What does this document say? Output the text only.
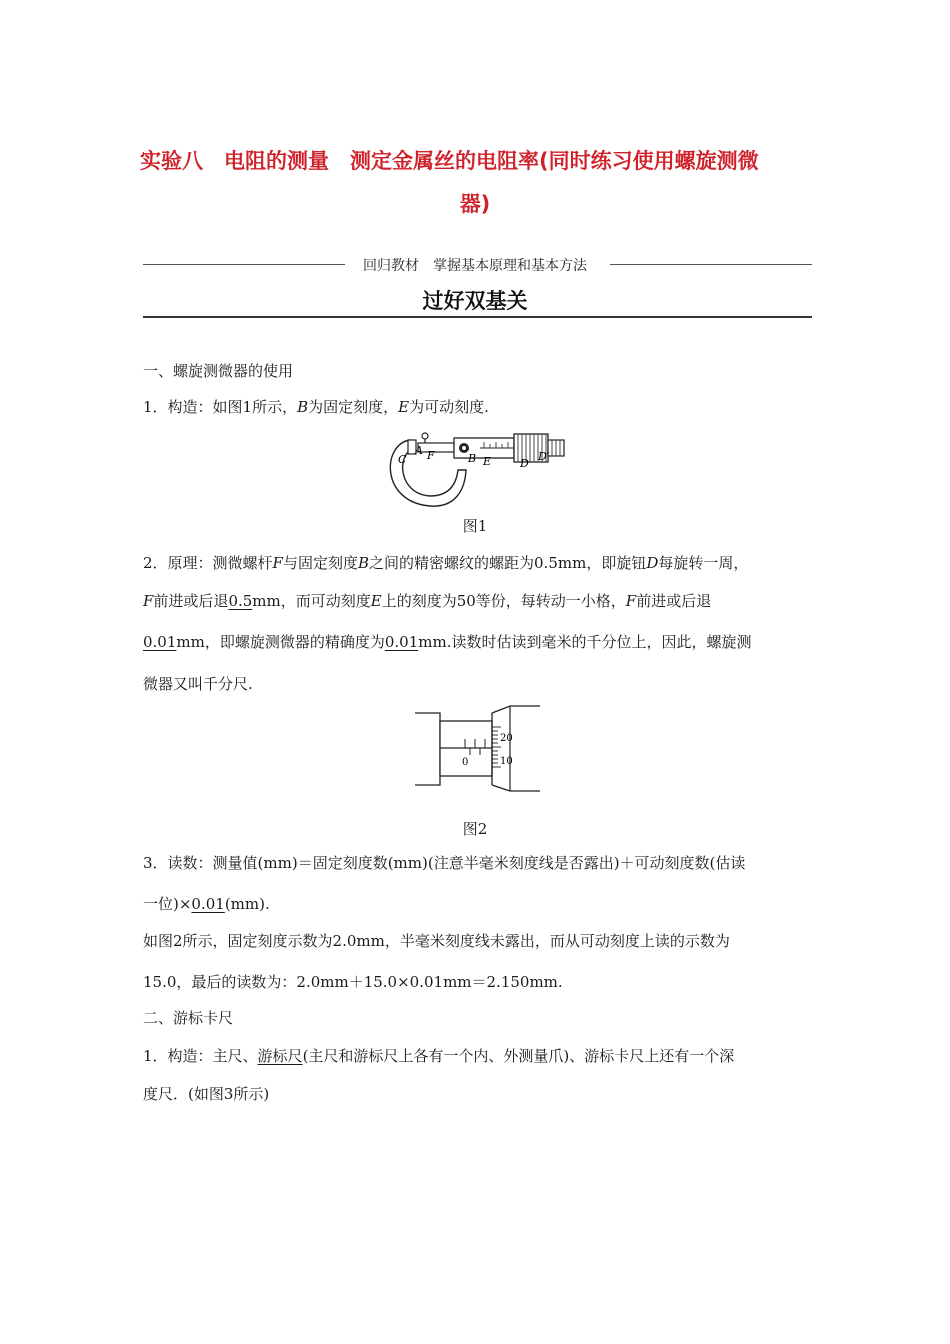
实验八　电阻的测量　测定金属丝的电阻率(同时练习使用螺旋测微
器)
回归教材　掌握基本原理和基本方法
过好双基关
一、螺旋测微器的使用
1．构造：如图1所示，B为固定刻度，E为可动刻度.
A
C F	B E	D
D′
图1
2．原理：测微螺杆F与固定刻度B之间的精密螺纹的螺距为0.5mm，即旋钮D每旋转一周，
F前进或后退0.5mm，而可动刻度E上的刻度为50等份，每转动一小格，F前进或后退
0.01mm，即螺旋测微器的精确度为0.01mm.读数时估读到毫米的千分位上，因此，螺旋测
微器又叫千分尺.
0
20
10
图2
3．读数：测量值(mm)＝固定刻度数(mm)(注意半毫米刻度线是否露出)＋可动刻度数(估读
一位)×0.01(mm).
如图2所示，固定刻度示数为2.0mm，半毫米刻度线未露出，而从可动刻度上读的示数为
15.0，最后的读数为：2.0mm＋15.0×0.01mm＝2.150mm.
二、游标卡尺
1．构造：主尺、游标尺(主尺和游标尺上各有一个内、外测量爪)、游标卡尺上还有一个深
度尺．(如图3所示)
